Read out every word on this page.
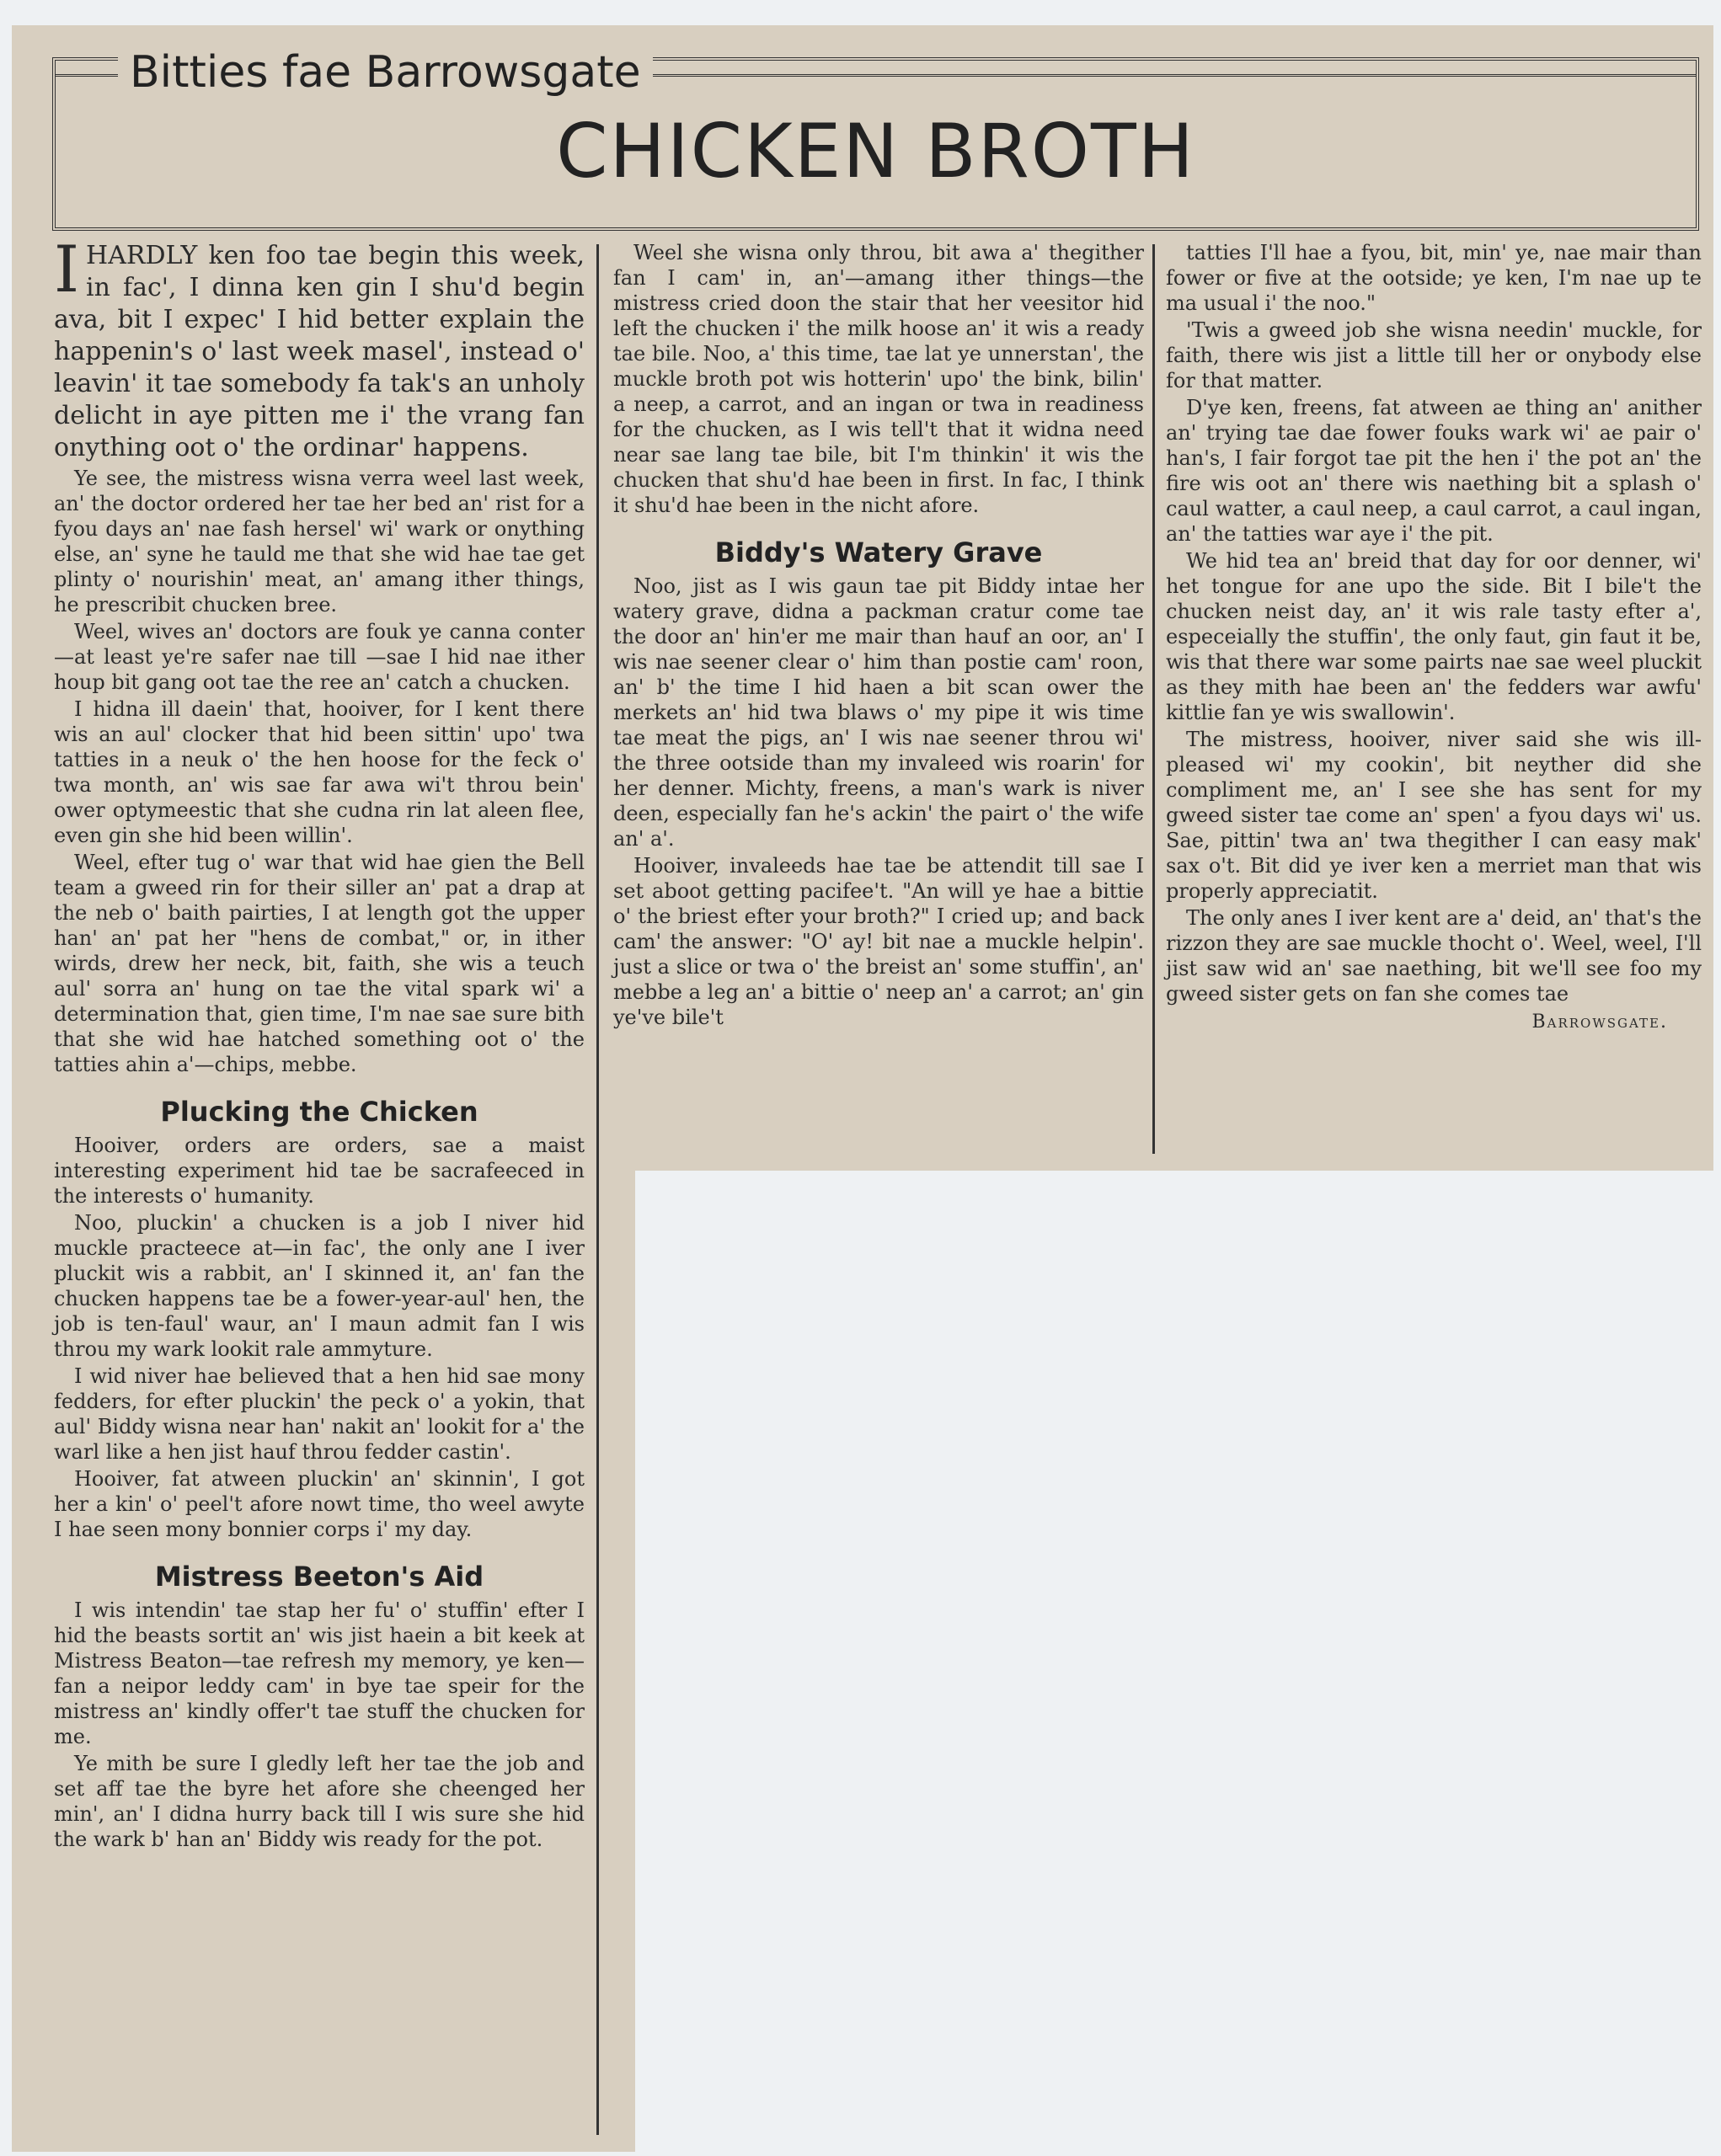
Bitties fae Barrowsgate
CHICKEN BROTH

IHARDLY ken foo tae begin this week, in fac', I dinna ken gin I shu'd begin ava, bit I expec' I hid better explain the happenin's o' last week masel', instead o' leavin' it tae somebody fa tak's an unholy delicht in aye pitten me i' the vrang fan onything oot o' the ordinar' happens.

Ye see, the mistress wisna verra weel last week, an' the doctor ordered her tae her bed an' rist for a fyou days an' nae fash hersel' wi' wark or onything else, an' syne he tauld me that she wid hae tae get plinty o' nourishin' meat, an' amang ither things, he prescribit chucken bree.

Weel, wives an' doctors are fouk ye canna conter—at least ye're safer nae till —sae I hid nae ither houp bit gang oot tae the ree an' catch a chucken.

I hidna ill daein' that, hooiver, for I kent there wis an aul' clocker that hid been sittin' upo' twa tatties in a neuk o' the hen hoose for the feck o' twa month, an' wis sae far awa wi't throu bein' ower optymeestic that she cudna rin lat aleen flee, even gin she hid been willin'.

Weel, efter tug o' war that wid hae gien the Bell team a gweed rin for their siller an' pat a drap at the neb o' baith pairties, I at length got the upper han' an' pat her "hens de combat," or, in ither wirds, drew her neck, bit, faith, she wis a teuch aul' sorra an' hung on tae the vital spark wi' a determination that, gien time, I'm nae sae sure bith that she wid hae hatched something oot o' the tatties ahin a'—chips, mebbe.

Plucking the Chicken

Hooiver, orders are orders, sae a maist interesting experiment hid tae be sacrafeeced in the interests o' humanity.

Noo, pluckin' a chucken is a job I niver hid muckle practeece at—in fac', the only ane I iver pluckit wis a rabbit, an' I skinned it, an' fan the chucken happens tae be a fower-year-aul' hen, the job is ten-faul' waur, an' I maun admit fan I wis throu my wark lookit rale ammyture.

I wid niver hae believed that a hen hid sae mony fedders, for efter pluckin' the peck o' a yokin, that aul' Biddy wisna near han' nakit an' lookit for a' the warl like a hen jist hauf throu fedder castin'.

Hooiver, fat atween pluckin' an' skinnin', I got her a kin' o' peel't afore nowt time, tho weel awyte I hae seen mony bonnier corps i' my day.

Mistress Beeton's Aid

I wis intendin' tae stap her fu' o' stuffin' efter I hid the beasts sortit an' wis jist haein a bit keek at Mistress Beaton—tae refresh my memory, ye ken—fan a neipor leddy cam' in bye tae speir for the mistress an' kindly offer't tae stuff the chucken for me.

Ye mith be sure I gledly left her tae the job and set aff tae the byre het afore she cheenged her min', an' I didna hurry back till I wis sure she hid the wark b' han an' Biddy wis ready for the pot.

Weel she wisna only throu, bit awa a' thegither fan I cam' in, an'—amang ither things—the mistress cried doon the stair that her veesitor hid left the chucken i' the milk hoose an' it wis a ready tae bile. Noo, a' this time, tae lat ye unnerstan', the muckle broth pot wis hotterin' upo' the bink, bilin' a neep, a carrot, and an ingan or twa in readiness for the chucken, as I wis tell't that it widna need near sae lang tae bile, bit I'm thinkin' it wis the chucken that shu'd hae been in first. In fac, I think it shu'd hae been in the nicht afore.

Biddy's Watery Grave

Noo, jist as I wis gaun tae pit Biddy intae her watery grave, didna a packman cratur come tae the door an' hin'er me mair than hauf an oor, an' I wis nae seener clear o' him than postie cam' roon, an' b' the time I hid haen a bit scan ower the merkets an' hid twa blaws o' my pipe it wis time tae meat the pigs, an' I wis nae seener throu wi' the three ootside than my invaleed wis roarin' for her denner. Michty, freens, a man's wark is niver deen, especially fan he's ackin' the pairt o' the wife an' a'.

Hooiver, invaleeds hae tae be attendit till sae I set aboot getting pacifee't. "An will ye hae a bittie o' the briest efter your broth?" I cried up; and back cam' the answer: "O' ay! bit nae a muckle helpin'. just a slice or twa o' the breist an' some stuffin', an' mebbe a leg an' a bittie o' neep an' a carrot; an' gin ye've bile't

tatties I'll hae a fyou, bit, min' ye, nae mair than fower or five at the ootside; ye ken, I'm nae up te ma usual i' the noo."

'Twis a gweed job she wisna needin' muckle, for faith, there wis jist a little till her or onybody else for that matter.

D'ye ken, freens, fat atween ae thing an' anither an' trying tae dae fower fouks wark wi' ae pair o' han's, I fair forgot tae pit the hen i' the pot an' the fire wis oot an' there wis naething bit a splash o' caul watter, a caul neep, a caul carrot, a caul ingan, an' the tatties war aye i' the pit.

We hid tea an' breid that day for oor denner, wi' het tongue for ane upo the side. Bit I bile't the chucken neist day, an' it wis rale tasty efter a', especeially the stuffin', the only faut, gin faut it be, wis that there war some pairts nae sae weel pluckit as they mith hae been an' the fedders war awfu' kittlie fan ye wis swallowin'.

The mistress, hooiver, niver said she wis ill-pleased wi' my cookin', bit neyther did she compliment me, an' I see she has sent for my gweed sister tae come an' spen' a fyou days wi' us. Sae, pittin' twa an' twa thegither I can easy mak' sax o't. Bit did ye iver ken a merriet man that wis properly appreciatit.

The only anes I iver kent are a' deid, an' that's the rizzon they are sae muckle thocht o'. Weel, weel, I'll jist saw wid an' sae naething, bit we'll see foo my gweed sister gets on fan she comes tae

Barrowsgate.
